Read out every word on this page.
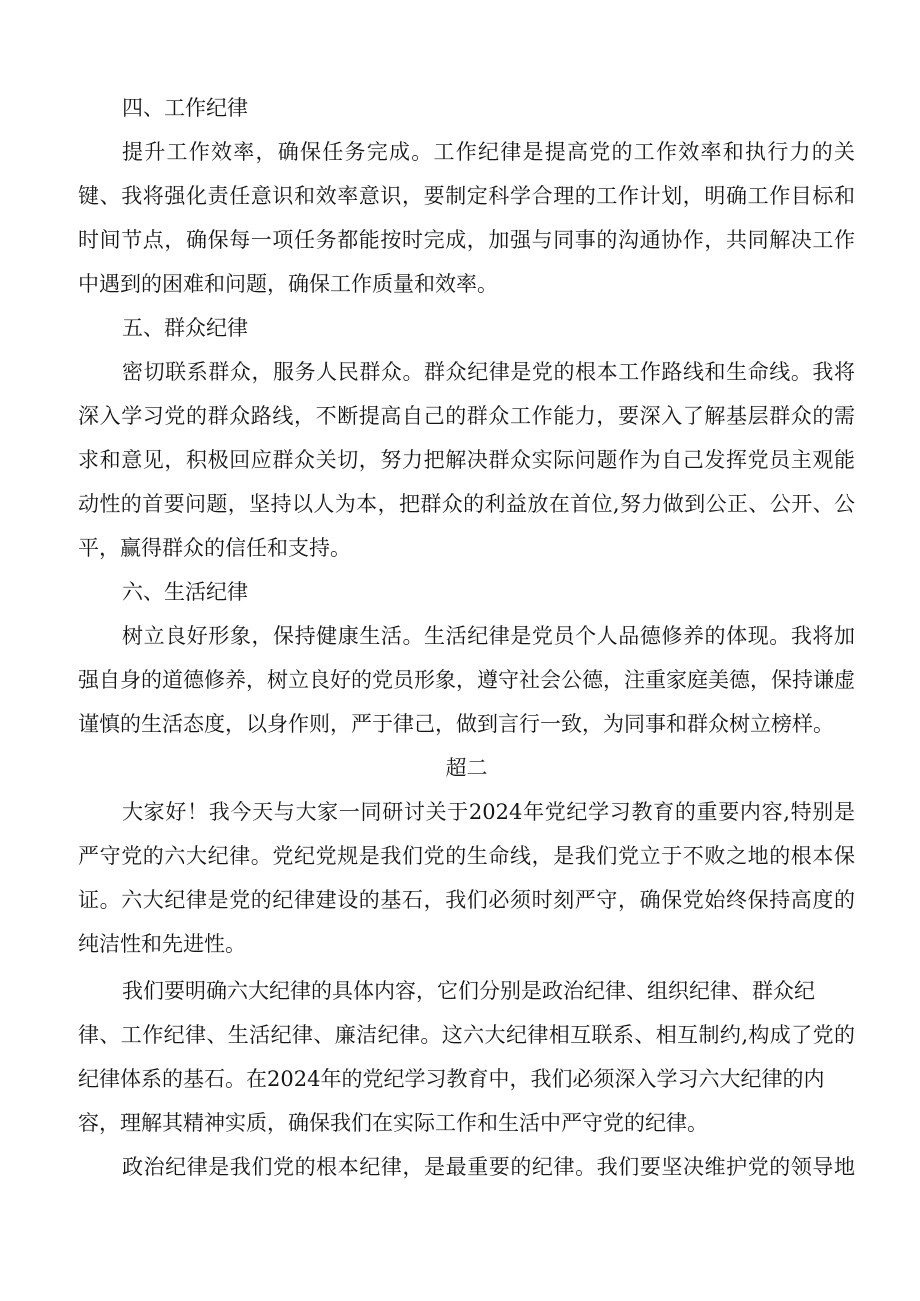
四、工作纪律
提升工作效率，确保任务完成。工作纪律是提高党的工作效率和执行力的关
键、我将强化责任意识和效率意识，要制定科学合理的工作计划，明确工作目标和
时间节点，确保每一项任务都能按时完成，加强与同事的沟通协作，共同解决工作
中遇到的困难和问题，确保工作质量和效率。
五、群众纪律
密切联系群众，服务人民群众。群众纪律是党的根本工作路线和生命线。我将
深入学习党的群众路线，不断提高自己的群众工作能力，要深入了解基层群众的需
求和意见，积极回应群众关切，努力把解决群众实际问题作为自己发挥党员主观能
动性的首要问题，坚持以人为本，把群众的利益放在首位,努力做到公正、公开、公
平，赢得群众的信任和支持。
六、生活纪律
树立良好形象，保持健康生活。生活纪律是党员个人品德修养的体现。我将加
强自身的道德修养，树立良好的党员形象，遵守社会公德，注重家庭美德，保持谦虚
谨慎的生活态度，以身作则，严于律己，做到言行一致，为同事和群众树立榜样。
超二
大家好！我今天与大家一同研讨关于2024年党纪学习教育的重要内容,特别是
严守党的六大纪律。党纪党规是我们党的生命线，是我们党立于不败之地的根本保
证。六大纪律是党的纪律建设的基石，我们必须时刻严守，确保党始终保持高度的
纯洁性和先进性。
我们要明确六大纪律的具体内容，它们分别是政治纪律、组织纪律、群众纪
律、工作纪律、生活纪律、廉洁纪律。这六大纪律相互联系、相互制约,构成了党的
纪律体系的基石。在2024年的党纪学习教育中，我们必须深入学习六大纪律的内
容，理解其精神实质，确保我们在实际工作和生活中严守党的纪律。
政治纪律是我们党的根本纪律，是最重要的纪律。我们要坚决维护党的领导地
